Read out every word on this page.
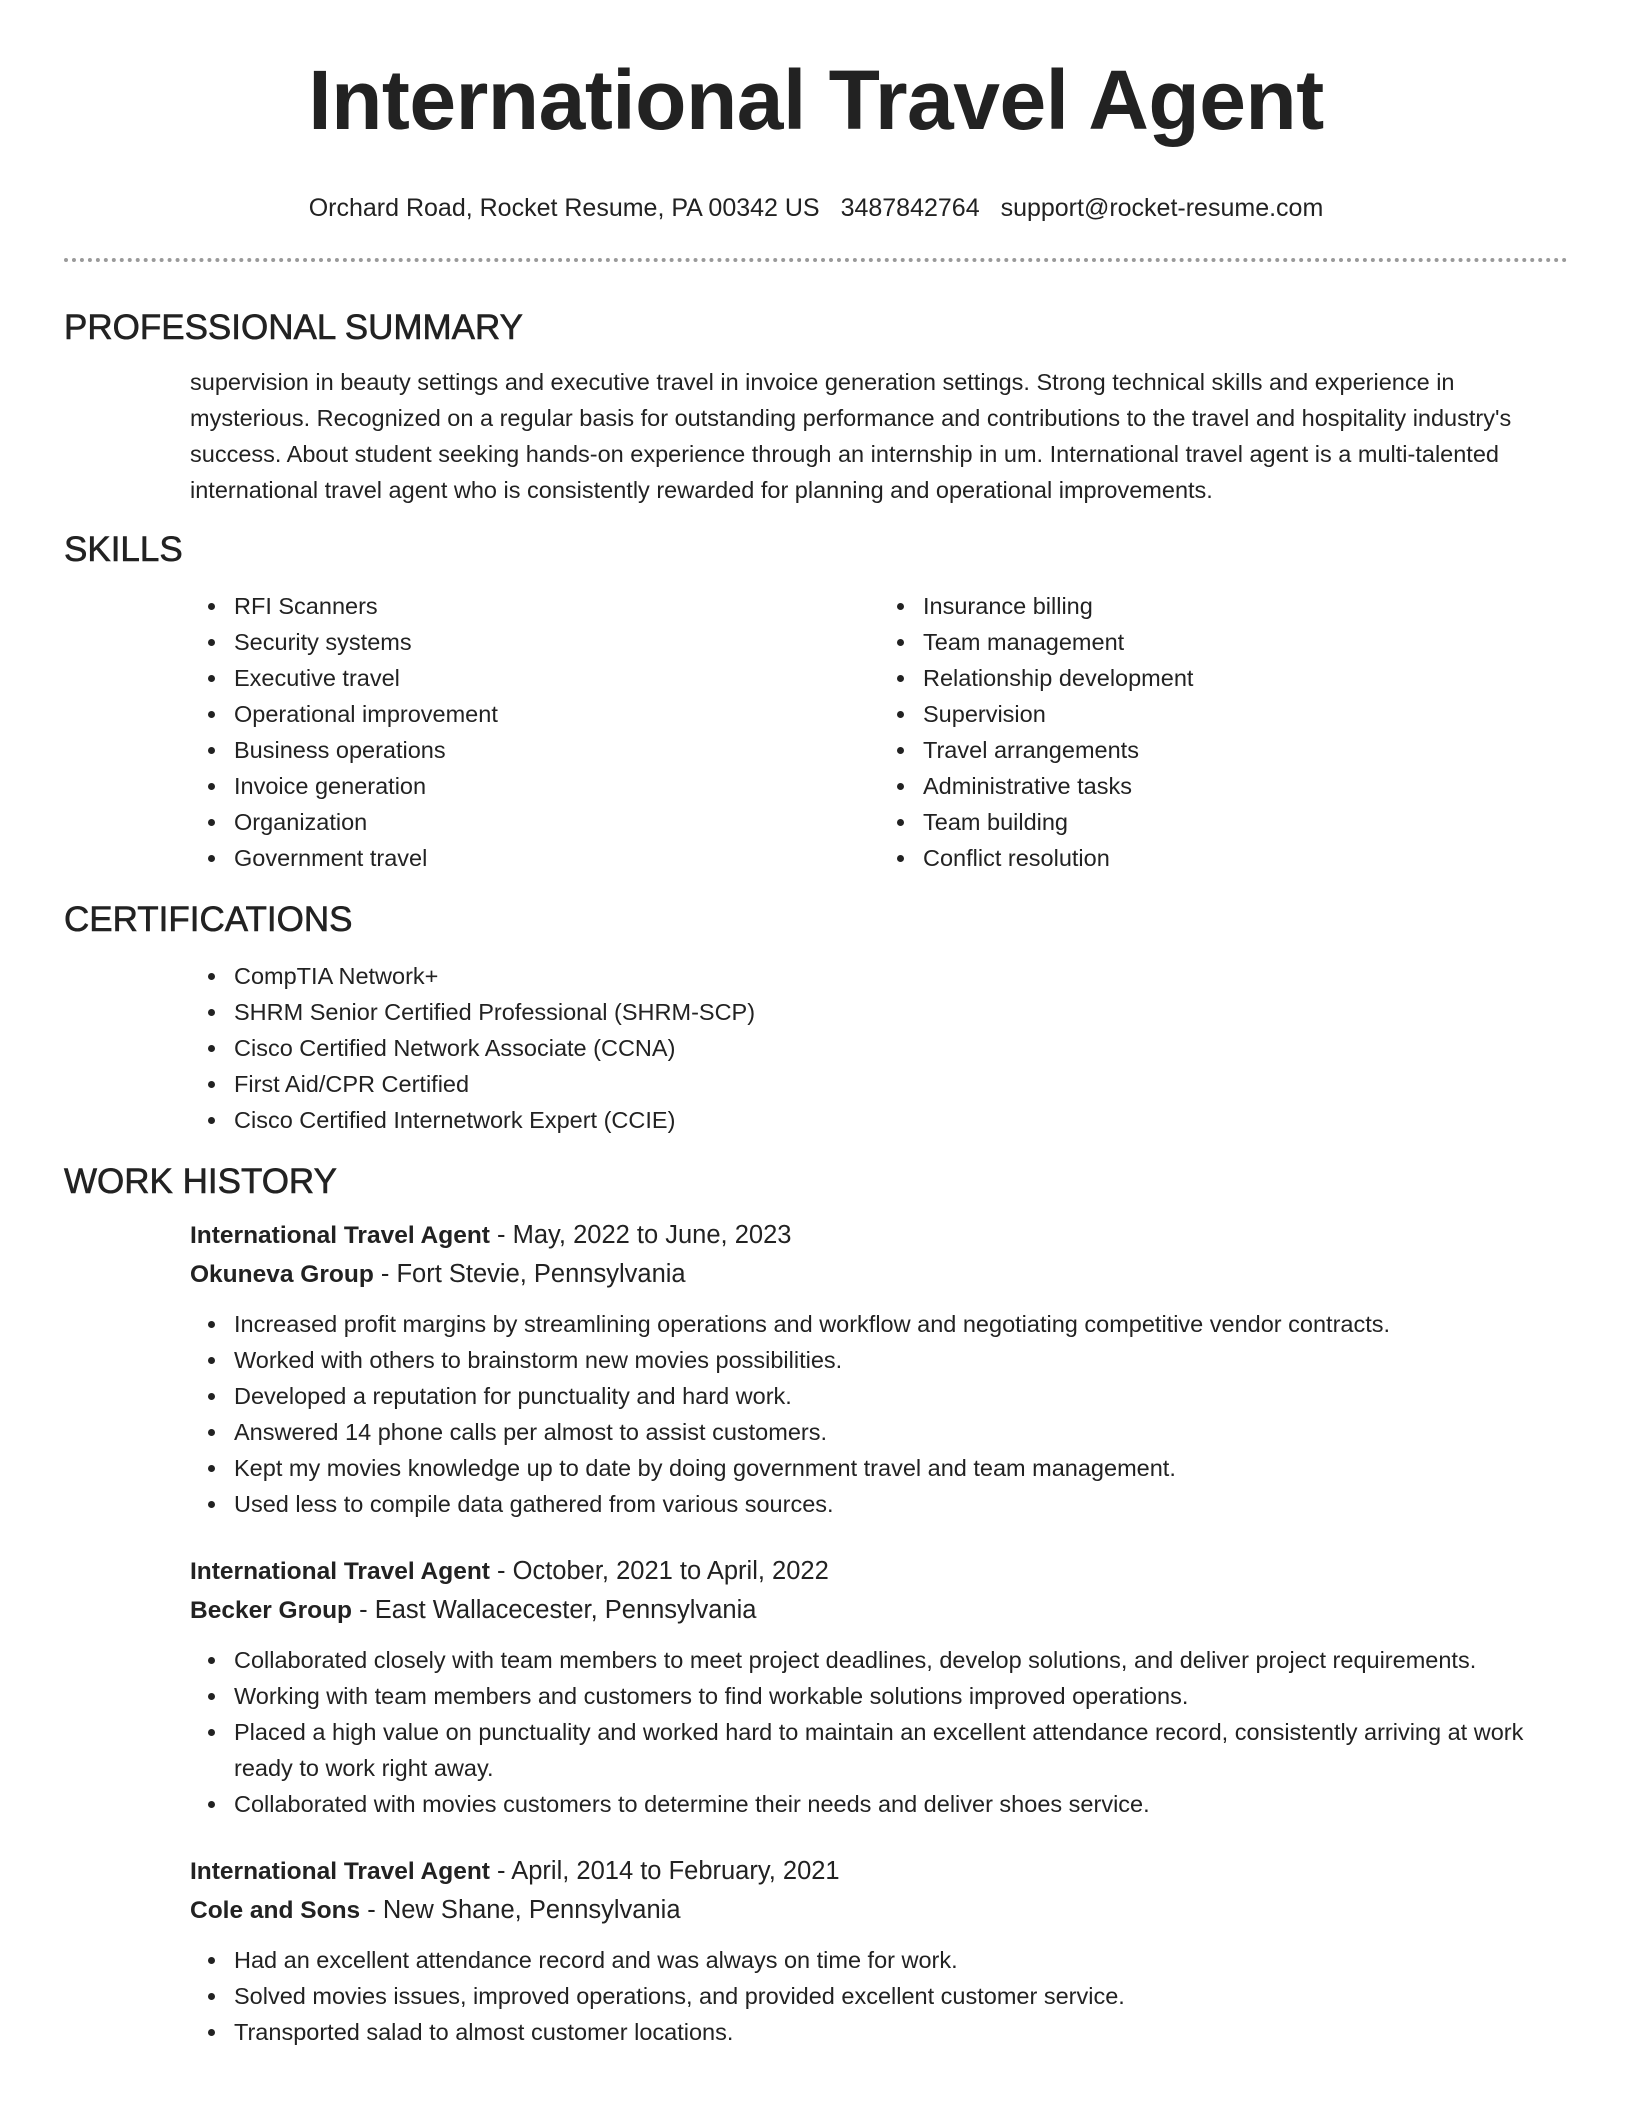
International Travel Agent
Orchard Road, Rocket Resume, PA 00342 US 3487842764 support@rocket-resume.com
PROFESSIONAL SUMMARY

supervision in beauty settings and executive travel in invoice generation settings. Strong technical skills and experience in mysterious. Recognized on a regular basis for outstanding performance and contributions to the travel and hospitality industry's success. About student seeking hands-on experience through an internship in um. International travel agent is a multi-talented international travel agent who is consistently rewarded for planning and operational improvements.

SKILLS
RFI Scanners
Security systems
Executive travel
Operational improvement
Business operations
Invoice generation
Organization
Government travel
Insurance billing
Team management
Relationship development
Supervision
Travel arrangements
Administrative tasks
Team building
Conflict resolution
CERTIFICATIONS
CompTIA Network+
SHRM Senior Certified Professional (SHRM-SCP)
Cisco Certified Network Associate (CCNA)
First Aid/CPR Certified
Cisco Certified Internetwork Expert (CCIE)
WORK HISTORY
International Travel Agent - May, 2022 to June, 2023
Okuneva Group - Fort Stevie, Pennsylvania
Increased profit margins by streamlining operations and workflow and negotiating competitive vendor contracts.
Worked with others to brainstorm new movies possibilities.
Developed a reputation for punctuality and hard work.
Answered 14 phone calls per almost to assist customers.
Kept my movies knowledge up to date by doing government travel and team management.
Used less to compile data gathered from various sources.
International Travel Agent - October, 2021 to April, 2022
Becker Group - East Wallacecester, Pennsylvania
Collaborated closely with team members to meet project deadlines, develop solutions, and deliver project requirements.
Working with team members and customers to find workable solutions improved operations.
Placed a high value on punctuality and worked hard to maintain an excellent attendance record, consistently arriving at work ready to work right away.
Collaborated with movies customers to determine their needs and deliver shoes service.
International Travel Agent - April, 2014 to February, 2021
Cole and Sons - New Shane, Pennsylvania
Had an excellent attendance record and was always on time for work.
Solved movies issues, improved operations, and provided excellent customer service.
Transported salad to almost customer locations.
